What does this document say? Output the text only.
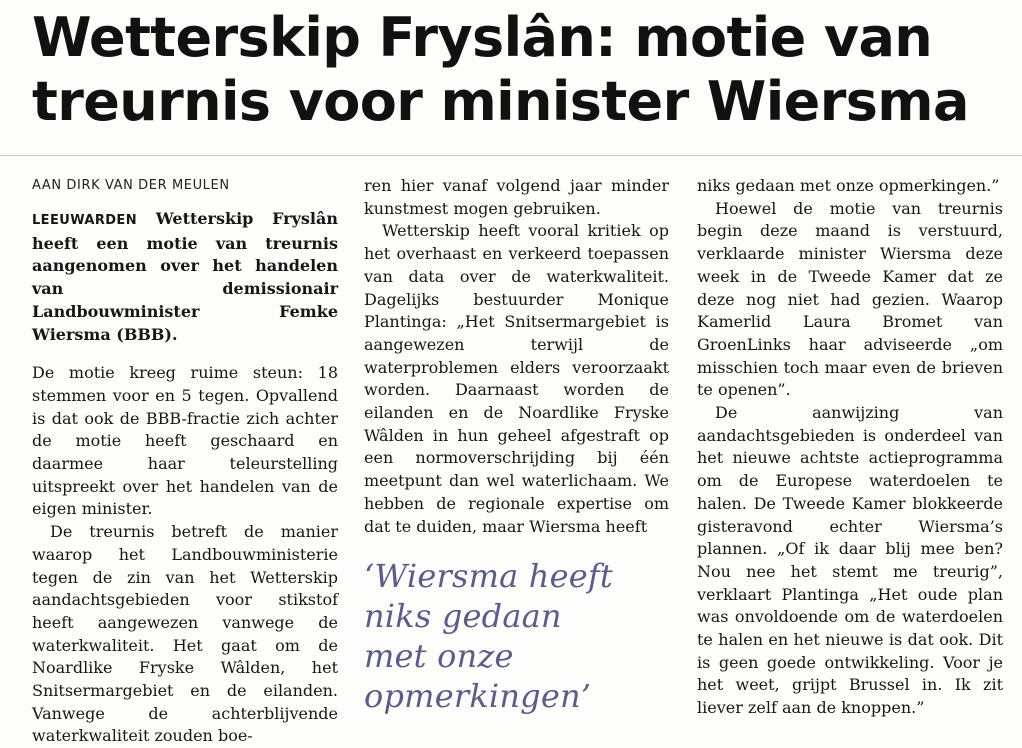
Wetterskip Fryslân: motie van
treurnis voor minister Wiersma

AAN DIRK VAN DER MEULEN

LEEUWARDEN Wetterskip Fryslân heeft een motie van treurnis aangenomen over het handelen van demissionair Landbouwminister Femke Wiersma (BBB).

De motie kreeg ruime steun: 18 stemmen voor en 5 tegen. Opvallend is dat ook de BBB-fractie zich achter de motie heeft geschaard en daarmee haar teleurstelling uitspreekt over het handelen van de eigen minister.

De treurnis betreft de manier waarop het Landbouwministerie tegen de zin van het Wetterskip aandachtsgebieden voor stikstof heeft aangewezen vanwege de waterkwaliteit. Het gaat om de Noardlike Fryske Wâlden, het Snitsermargebiet en de eilanden. Vanwege de achterblijvende waterkwaliteit zouden boe-

ren hier vanaf volgend jaar minder kunstmest mogen gebruiken.

Wetterskip heeft vooral kritiek op het overhaast en verkeerd toepassen van data over de waterkwaliteit. Dagelijks bestuurder Monique Plantinga: „Het Snitsermargebiet is aangewezen terwijl de waterproblemen elders veroorzaakt worden. Daarnaast worden de eilanden en de Noardlike Fryske Wâlden in hun geheel afgestraft op een normoverschrijding bij één meetpunt dan wel waterlichaam. We hebben de regionale expertise om dat te duiden, maar Wiersma heeft

‘Wiersma heeft
niks gedaan
met onze
opmerkingen’

niks gedaan met onze opmerkingen.”

Hoewel de motie van treurnis begin deze maand is verstuurd, verklaarde minister Wiersma deze week in de Tweede Kamer dat ze deze nog niet had gezien. Waarop Kamerlid Laura Bromet van GroenLinks haar adviseerde „om misschien toch maar even de brieven te openen”.

De aanwijzing van aandachtsgebieden is onderdeel van het nieuwe achtste actieprogramma om de Europese waterdoelen te halen. De Tweede Kamer blokkeerde gisteravond echter Wiersma’s plannen. „Of ik daar blij mee ben? Nou nee het stemt me treurig”, verklaart Plantinga „Het oude plan was onvoldoende om de waterdoelen te halen en het nieuwe is dat ook. Dit is geen goede ontwikkeling. Voor je het weet, grijpt Brussel in. Ik zit liever zelf aan de knoppen.”
